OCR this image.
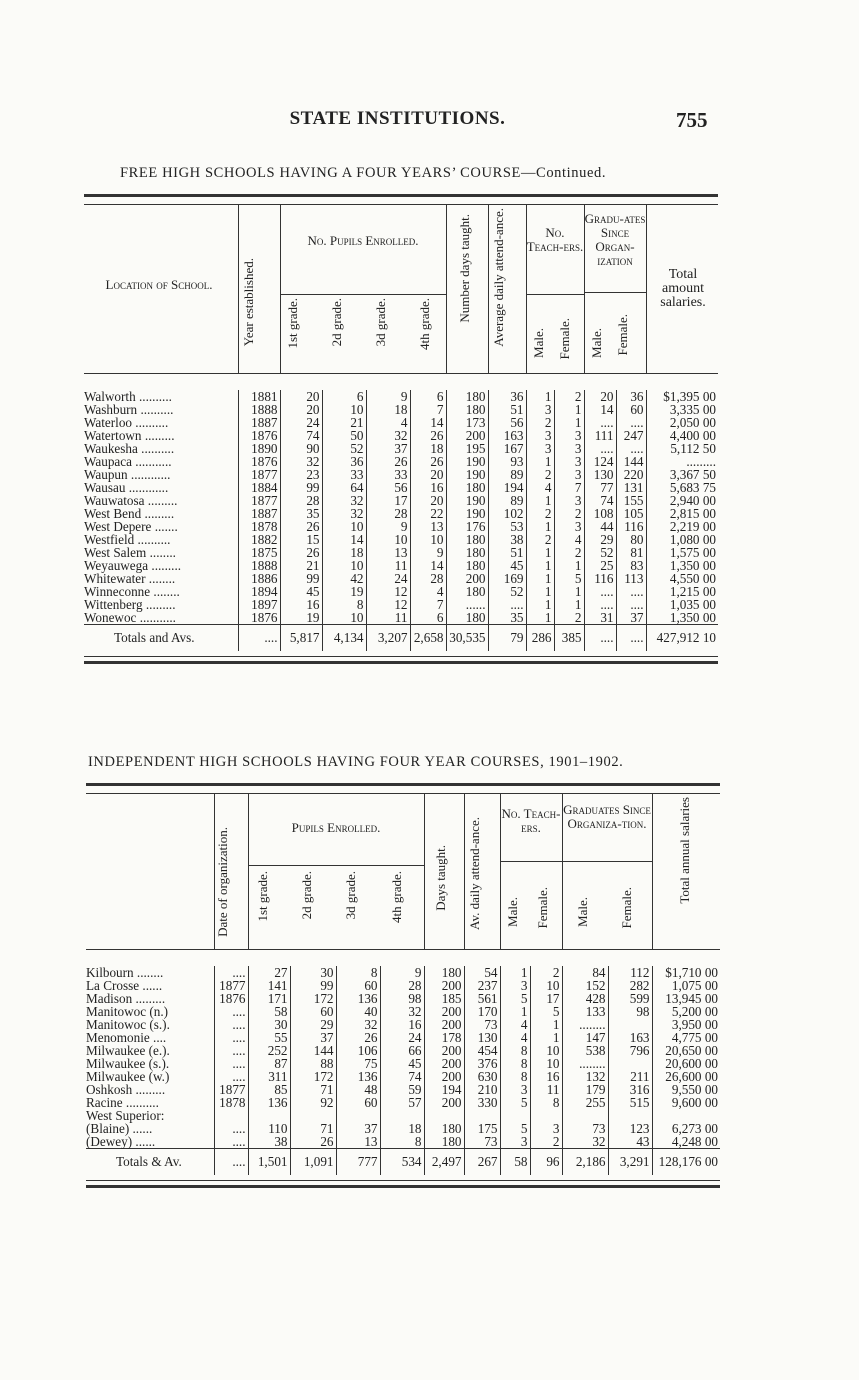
STATE INSTITUTIONS.	755
FREE HIGH SCHOOLS HAVING A FOUR YEARS’ COURSE—Continued.
Location of School.	Year established.
No. Pupils Enrolled.
1st grade. 2d grade. 3d grade. 4th grade.
Number days taught. Average daily attend-ance.	No. Teach-ers.
Male. Female.
Gradu-ates Since Organ-ization
Male. Female.
Total amount salaries.
Walworth ..........	1881	20	6	9	6	180	36	1	2	20	36	$1,395 00
Washburn ..........	1888	20	10	18	7	180	51	3	1	14	60	3,335 00
Waterloo ..........	1887	24	21	4	14	173	56	2	1	....	....	2,050 00
Watertown .........	1876	74	50	32	26	200	163	3	3	111	247	4,400 00
Waukesha ..........	1890	90	52	37	18	195	167	3	3	....	....	5,112 50
Waupaca ...........	1876	32	36	26	26	190	93	1	3	124	144	.........
Waupun ............	1877	23	33	33	20	190	89	2	3	130	220	3,367 50
Wausau ............	1884	99	64	56	16	180	194	4	7	77	131	5,683 75
Wauwatosa .........	1877	28	32	17	20	190	89	1	3	74	155	2,940 00
West Bend .........	1887	35	32	28	22	190	102	2	2	108	105	2,815 00
West Depere .......	1878	26	10	9	13	176	53	1	3	44	116	2,219 00
Westfield ..........	1882	15	14	10	10	180	38	2	4	29	80	1,080 00
West Salem ........	1875	26	18	13	9	180	51	1	2	52	81	1,575 00
Weyauwega .........	1888	21	10	11	14	180	45	1	1	25	83	1,350 00
Whitewater ........	1886	99	42	24	28	200	169	1	5	116	113	4,550 00
Winneconne ........	1894	45	19	12	4	180	52	1	1	....	....	1,215 00
Wittenberg .........	1897	16	8	12	7	......	....	1	1	....	....	1,035 00
Wonewoc ...........	1876	19	10	11	6	180	35	1	2	31	37	1,350 00
Totals and Avs.	....	5,817	4,134	3,207	2,658	30,535	79	286	385	....	....	427,912 10
INDEPENDENT HIGH SCHOOLS HAVING FOUR YEAR COURSES, 1901–1902.
Date of organization.	Pupils Enrolled.
1st grade. 2d grade. 3d grade. 4th grade. Days taught. Av. daily attend-ance.
No. Teach-ers.
Male. Female.
Graduates Since Organiza-tion.
Male. Female.
Total annual salaries
Kilbourn ........	....	27	30	8	9	180	54	1	2	84	112	$1,710 00
La Crosse ......	1877	141	99	60	28	200	237	3	10	152	282	1,075 00
Madison .........	1876	171	172	136	98	185	561	5	17	428	599	13,945 00
Manitowoc (n.)	....	58	60	40	32	200	170	1	5	133	98	5,200 00
Manitowoc (s.).	....	30	29	32	16	200	73	4	1	........		3,950 00
Menomonie ....	....	55	37	26	24	178	130	4	1	147	163	4,775 00
Milwaukee (e.).	....	252	144	106	66	200	454	8	10	538	796	20,650 00
Milwaukee (s.).	....	87	88	75	45	200	376	8	10	........		20,600 00
Milwaukee (w.)	....	311	172	136	74	200	630	8	16	132	211	26,600 00
Oshkosh .........	1877	85	71	48	59	194	210	3	11	179	316	9,550 00
Racine ..........	1878	136	92	60	57	200	330	5	8	255	515	9,600 00
West Superior:												
(Blaine) ......	....	110	71	37	18	180	175	5	3	73	123	6,273 00
(Dewey) ......	....	38	26	13	8	180	73	3	2	32	43	4,248 00
Totals & Av.	....	1,501	1,091	777	534	2,497	267	58	96	2,186	3,291	128,176 00
